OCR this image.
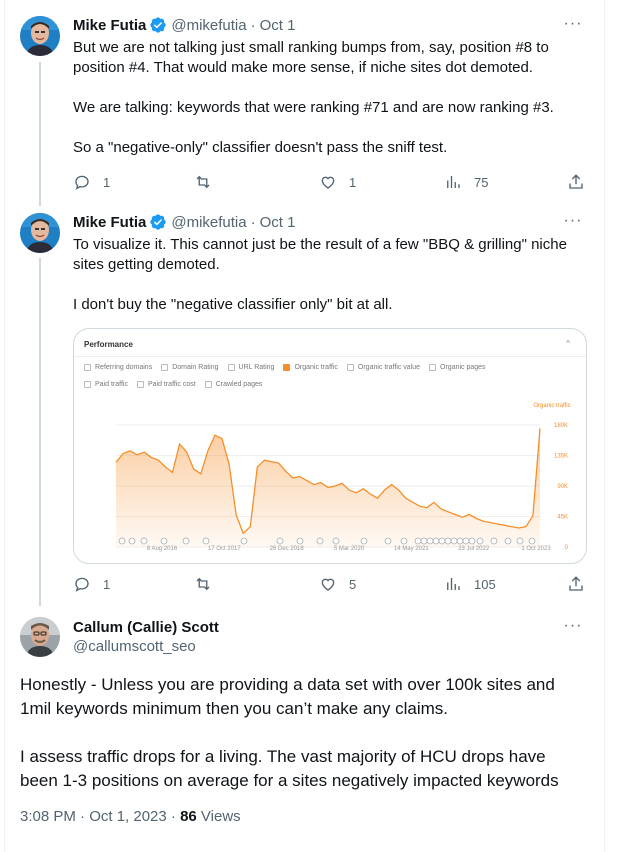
Mike Futia @mikefutia · Oct 1	···

But we are not talking just small ranking bumps from, say, position #8 to

position #4. That would make more sense, if niche sites dot demoted.

We are talking: keywords that were ranking #71 and are now ranking #3.

So a "negative-only" classifier doesn't pass the sniff test.

1	1	75
Mike Futia @mikefutia · Oct 1	···

To visualize it. This cannot just be the result of a few "BBQ & grilling" niche

sites getting demoted.

I don't buy the "negative classifier only" bit at all.

1	5	105
Performance	^
Referring domains	Domain Rating	URL Rating	Organic traffic	Organic traffic value	Organic pages
Paid traffic	Paid traffic cost	Crawled pages
Organic traffic
180K
135K
90K
45K
0
8 Aug 2016	17 Oct 2017	26 Dec 2018	5 Mar 2020	14 May 2021	23 Jul 2022	1 Oct 2023
Callum (Callie) Scott
@callumscott_seo
···

Honestly - Unless you are providing a data set with over 100k sites and

1mil keywords minimum then you can’t make any claims.

I assess traffic drops for a living. The vast majority of HCU drops have

been 1-3 positions on average for a sites negatively impacted keywords

3:08 PM · Oct 1, 2023 · 86 Views
